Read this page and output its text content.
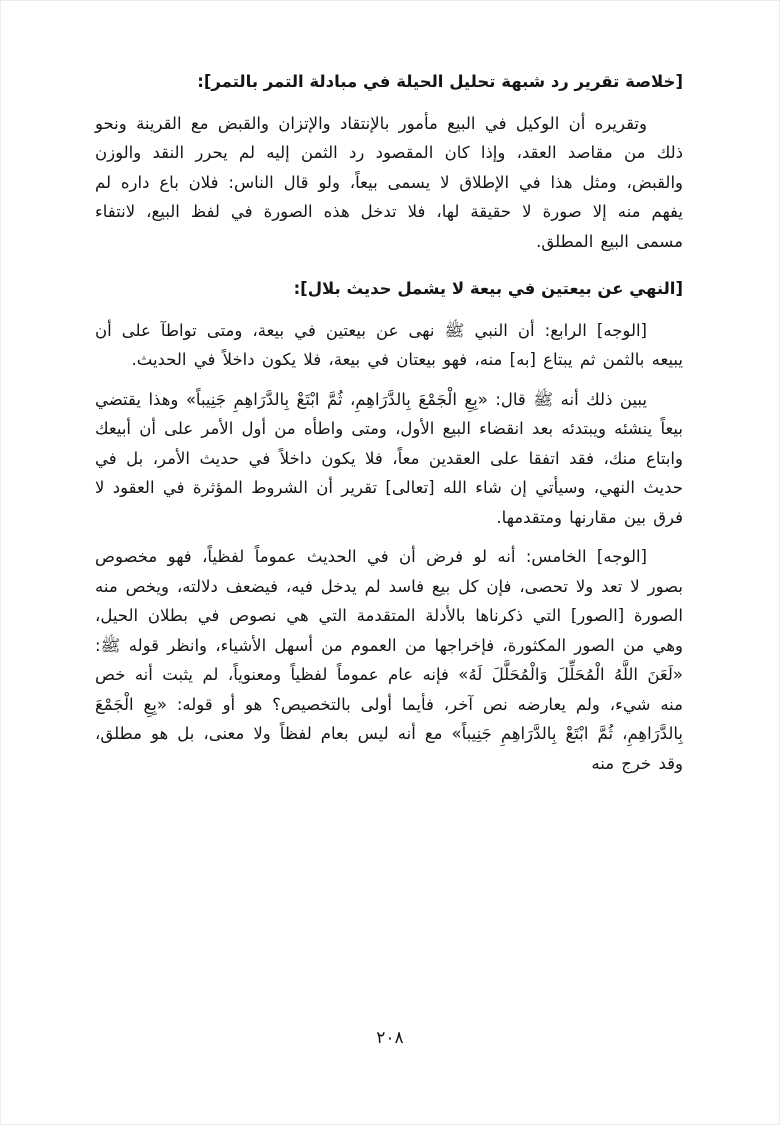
[خلاصة تقرير رد شبهة تحليل الحيلة في مبادلة التمر بالتمر]:

وتقريره أن الوكيل في البيع مأمور بالإنتقاد والإتزان والقبض مع القرينة ونحو ذلك من مقاصد العقد، وإذا كان المقصود رد الثمن إليه لم يحرر النقد والوزن والقبض، ومثل هذا في الإطلاق لا يسمى بيعاً، ولو قال الناس: فلان باع داره لم يفهم منه إلا صورة لا حقيقة لها، فلا تدخل هذه الصورة في لفظ البيع، لانتفاء مسمى البيع المطلق.

[النهي عن بيعتين في بيعة لا يشمل حديث بلال]:

[الوجه] الرابع: أن النبي ﷺ نهى عن بيعتين في بيعة، ومتى تواطآ على أن يبيعه بالثمن ثم يبتاع [به] منه، فهو بيعتان في بيعة، فلا يكون داخلاً في الحديث.

يبين ذلك أنه ﷺ قال: «بِعِ الْجَمْعَ بِالدَّرَاهِمِ، ثُمَّ ابْتَعْ بِالدَّرَاهِمِ جَنِيباً» وهذا يقتضي بيعاً ينشئه ويبتدئه بعد انقضاء البيع الأول، ومتى واطأه من أول الأمر على أن أبيعك وابتاع منك، فقد اتفقا على العقدين معاً، فلا يكون داخلاً في حديث الأمر، بل في حديث النهي، وسيأتي إن شاء الله [تعالى] تقرير أن الشروط المؤثرة في العقود لا فرق بين مقارنها ومتقدمها.

[الوجه] الخامس: أنه لو فرض أن في الحديث عموماً لفظياً، فهو مخصوص بصور لا تعد ولا تحصى، فإن كل بيع فاسد لم يدخل فيه، فيضعف دلالته، ويخص منه الصورة [الصور] التي ذكرناها بالأدلة المتقدمة التي هي نصوص في بطلان الحيل، وهي من الصور المكثورة، فإخراجها من العموم من أسهل الأشياء، وانظر قوله ﷺ: «لَعَنَ اللَّهُ الْمُحَلِّلَ وَالْمُحَلَّلَ لَهُ» فإنه عام عموماً لفظياً ومعنوياً، لم يثبت أنه خص منه شيء، ولم يعارضه نص آخر، فأيما أولى بالتخصيص؟ هو أو قوله: «بِعِ الْجَمْعَ بِالدَّرَاهِمِ، ثُمَّ ابْتَعْ بِالدَّرَاهِمِ جَنِيباً» مع أنه ليس بعام لفظاً ولا معنى، بل هو مطلق، وقد خرج منه

٢٠٨
